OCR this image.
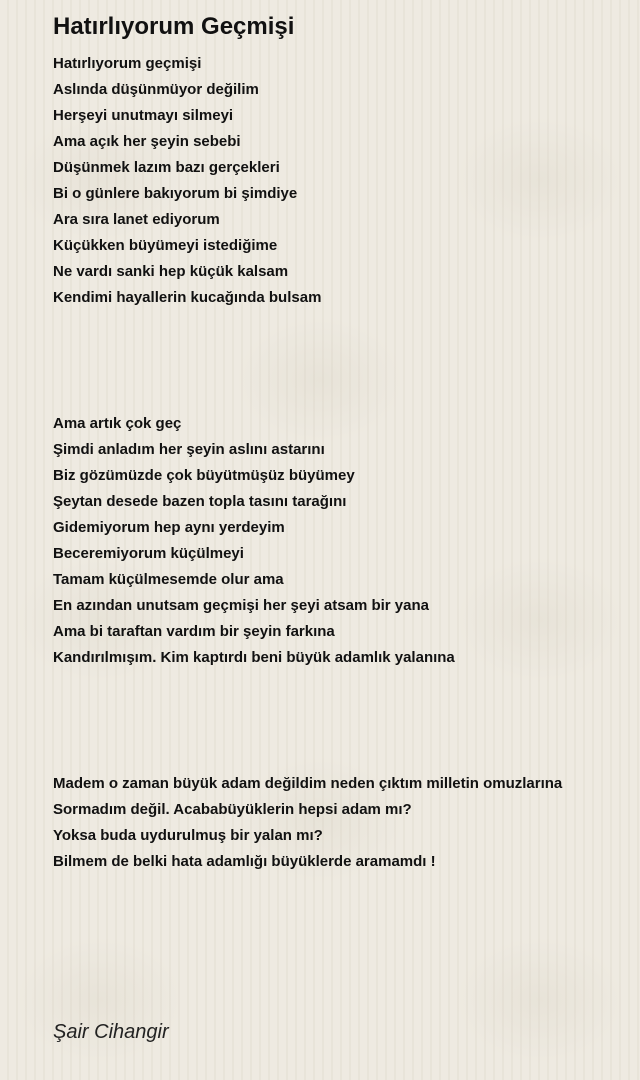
Hatırlıyorum Geçmişi
Hatırlıyorum geçmişi
Aslında düşünmüyor değilim
Herşeyi unutmayı silmeyi
Ama açık her şeyin sebebi
Düşünmek lazım bazı gerçekleri
Bi o günlere bakıyorum bi şimdiye
Ara sıra lanet ediyorum
Küçükken büyümeyi istediğime
Ne vardı sanki hep küçük kalsam
Kendimi hayallerin kucağında bulsam
Ama artık çok geç
Şimdi anladım her şeyin aslını astarını
Biz gözümüzde çok büyütmüşüz büyümey
Şeytan desede bazen topla tasını tarağını
Gidemiyorum hep aynı yerdeyim
Beceremiyorum küçülmeyi
Tamam küçülmesemde olur ama
En azından unutsam geçmişi her şeyi atsam bir yana
Ama bi taraftan vardım bir şeyin farkına
Kandırılmışım. Kim kaptırdı beni büyük adamlık yalanına
Madem o zaman büyük adam değildim neden çıktım milletin omuzlarına
Sormadım değil. Acababüyüklerin hepsi adam mı?
Yoksa buda uydurulmuş bir yalan mı?
Bilmem de belki hata adamlığı büyüklerde aramamdı !
Şair Cihangir
